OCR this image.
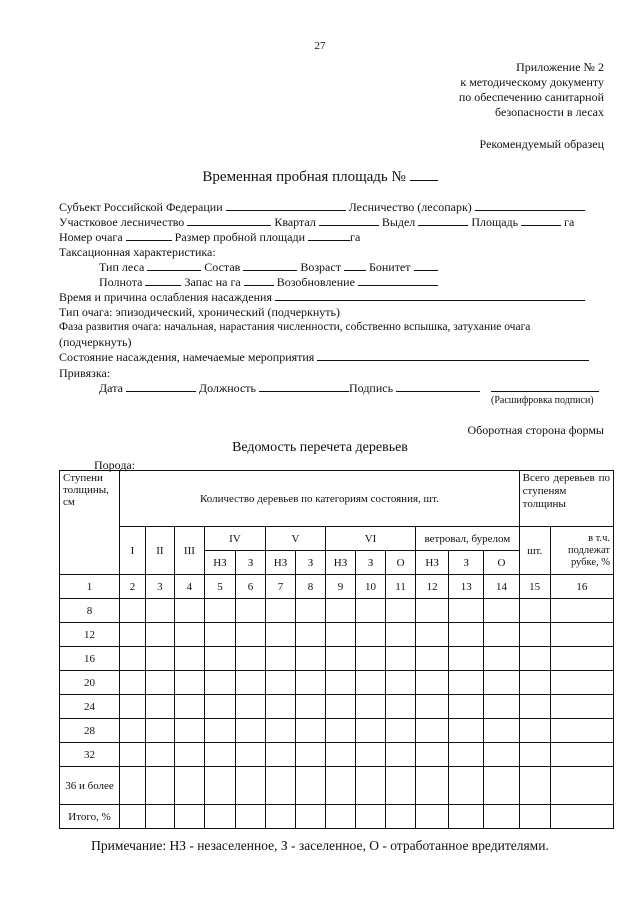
27
Приложение № 2
к методическому документу
по обеспечению санитарной
безопасности в лесах
Рекомендуемый образец
Временная пробная площадь №
Субъект Российской Федерации	Лесничество (лесопарк)
Участковое лесничество	Квартал	Выдел	Площадь	га
Номер очага	Размер пробной площади	га
Таксационная характеристика:
Тип леса	Состав	Возраст Бонитет
Полнота	Запас на га	Возобновление
Время и причина ослабления насаждения
Тип очага: эпизодический, хронический (подчеркнуть)
Фаза развития очага: начальная, нарастания численности, собственно вспышка, затухание очага
(подчеркнуть)
Состояние насаждения, намечаемые мероприятия
Привязка:
Дата	Должность	Подпись
(Расшифровка подписи)
Оборотная сторона формы
Ведомость перечета деревьев
Порода:
Ступени толщины, см	Количество деревьев по категориям состояния, шт.													Всего деревьев по ступеням толщины	
	I	II	III	IV		V		VI			ветровал, бурелом			шт.	в т.ч. подлежат рубке, %
				НЗ	З	НЗ	З	НЗ	З	О	НЗ	З	О		
1	2	3	4	5	6	7	8	9	10	11	12	13	14	15	16
8															
12															
16															
20															
24															
28															
32															
36 и более															
Итого, %															
Примечание: НЗ - незаселенное, З - заселенное, О - отработанное вредителями.
